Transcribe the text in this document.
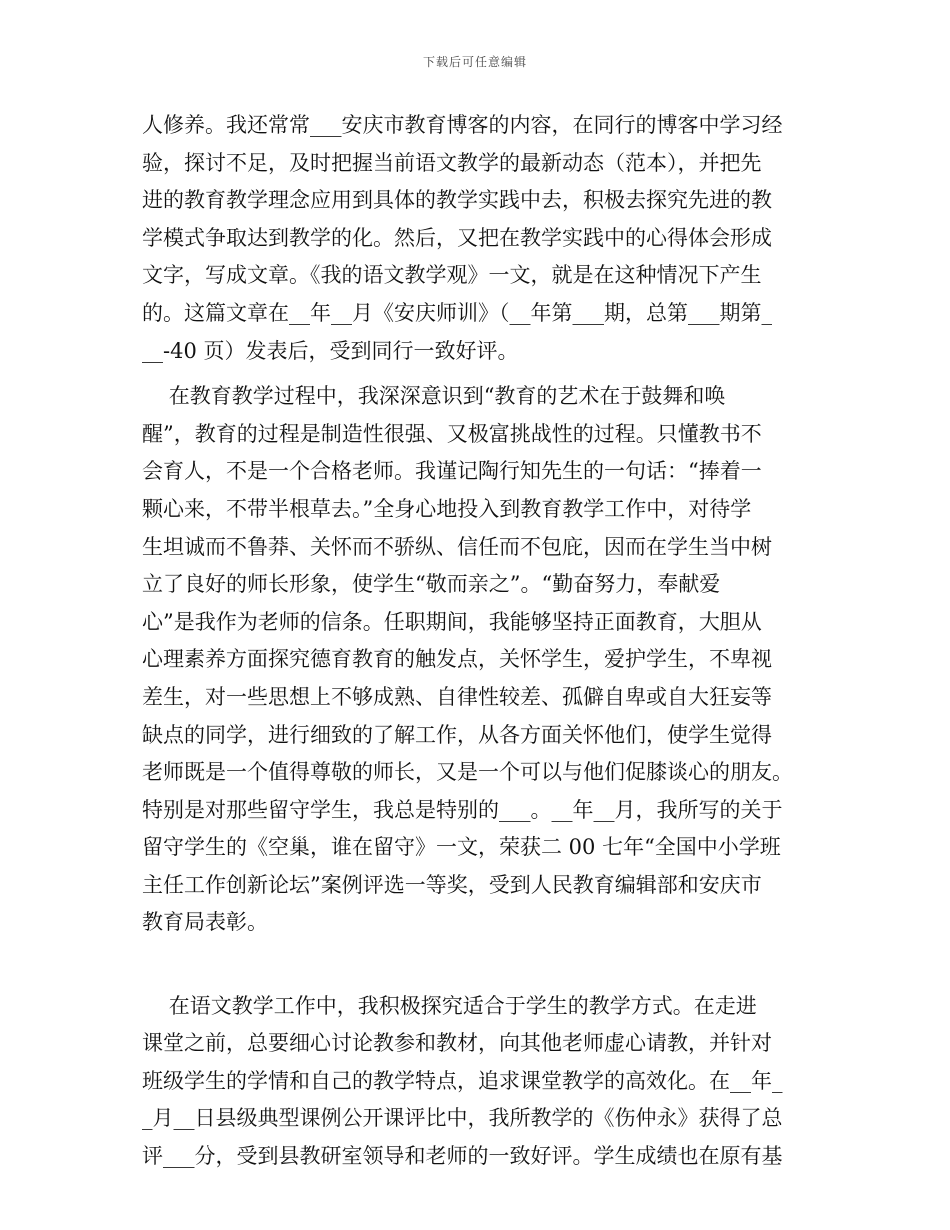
下载后可任意编辑
人修养。我还常常___安庆市教育博客的内容，在同行的博客中学习经
验，探讨不足，及时把握当前语文教学的最新动态（范本），并把先
进的教育教学理念应用到具体的教学实践中去，积极去探究先进的教
学模式争取达到教学的化。然后，又把在教学实践中的心得体会形成
文字，写成文章。《我的语文教学观》一文，就是在这种情况下产生
的。这篇文章在__年__月《安庆师训》（__年第___期，总第___期第_
__-40 页）发表后，受到同行一致好评。
在教育教学过程中，我深深意识到“教育的艺术在于鼓舞和唤
醒”，教育的过程是制造性很强、又极富挑战性的过程。只懂教书不
会育人，不是一个合格老师。我谨记陶行知先生的一句话：“捧着一
颗心来，不带半根草去。”全身心地投入到教育教学工作中，对待学
生坦诚而不鲁莽、关怀而不骄纵、信任而不包庇，因而在学生当中树
立了良好的师长形象，使学生“敬而亲之”。“勤奋努力，奉献爱
心”是我作为老师的信条。任职期间，我能够坚持正面教育，大胆从
心理素养方面探究德育教育的触发点，关怀学生，爱护学生，不卑视
差生，对一些思想上不够成熟、自律性较差、孤僻自卑或自大狂妄等
缺点的同学，进行细致的了解工作，从各方面关怀他们，使学生觉得
老师既是一个值得尊敬的师长，又是一个可以与他们促膝谈心的朋友。
特别是对那些留守学生，我总是特别的___。__年__月，我所写的关于
留守学生的《空巢，谁在留守》一文，荣获二 00 七年“全国中小学班
主任工作创新论坛”案例评选一等奖，受到人民教育编辑部和安庆市
教育局表彰。
在语文教学工作中，我积极探究适合于学生的教学方式。在走进
课堂之前，总要细心讨论教参和教材，向其他老师虚心请教，并针对
班级学生的学情和自己的教学特点，追求课堂教学的高效化。在__年_
_月__日县级典型课例公开课评比中，我所教学的《伤仲永》获得了总
评___分，受到县教研室领导和老师的一致好评。学生成绩也在原有基
